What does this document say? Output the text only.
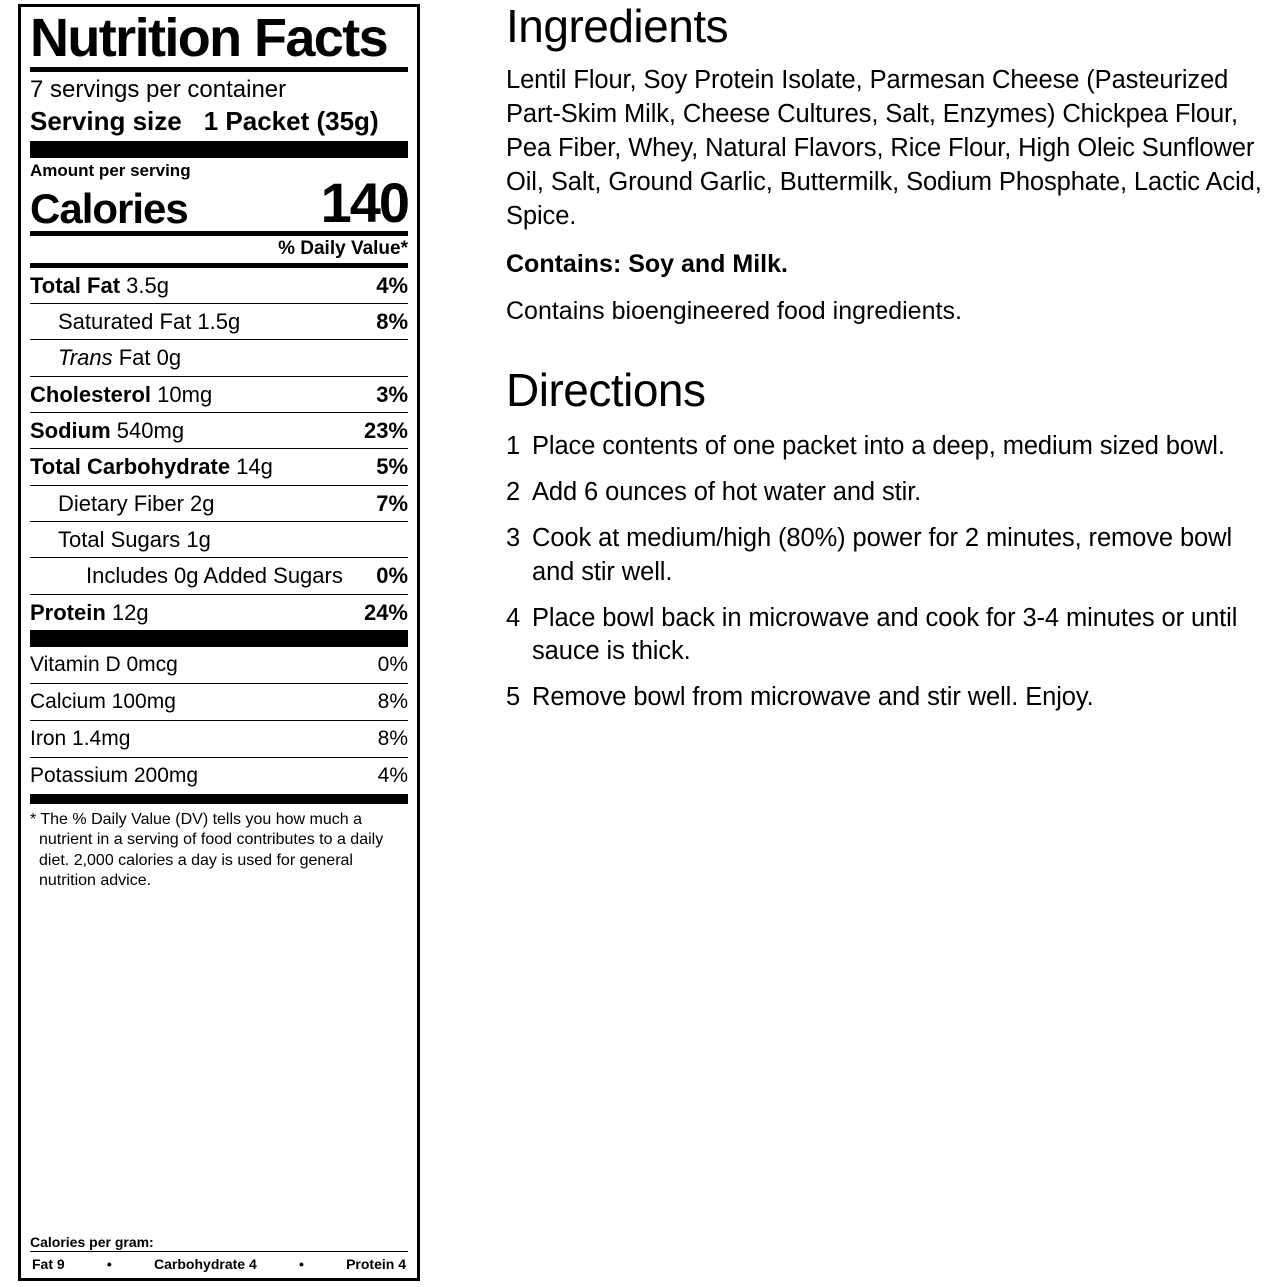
Nutrition Facts
7 servings per container
Serving size 1 Packet (35g)
Amount per serving
Calories 140
% Daily Value*
Total Fat 3.5g	4%
Saturated Fat 1.5g	8%
Trans Fat 0g
Cholesterol 10mg	3%
Sodium 540mg	23%
Total Carbohydrate 14g	5%
Dietary Fiber 2g	7%
Total Sugars 1g
Includes 0g Added Sugars 0%
Protein 12g	24%
Vitamin D 0mcg	0%
Calcium 100mg	8%
Iron 1.4mg	8%
Potassium 200mg	4%

* The % Daily Value (DV) tells you how much a nutrient in a serving of food contributes to a daily diet. 2,000 calories a day is used for general nutrition advice.

Calories per gram:
Fat 9	•	Carbohydrate 4	•	Protein 4
Ingredients

Lentil Flour, Soy Protein Isolate, Parmesan Cheese (Pasteurized Part-Skim Milk, Cheese Cultures, Salt, Enzymes) Chickpea Flour, Pea Fiber, Whey, Natural Flavors, Rice Flour, High Oleic Sunflower Oil, Salt, Ground Garlic, Buttermilk, Sodium Phosphate, Lactic Acid, Spice.

Contains: Soy and Milk.

Contains bioengineered food ingredients.

Directions
1 Place contents of one packet into a deep, medium sized bowl.
2 Add 6 ounces of hot water and stir.
3 Cook at medium/high (80%) power for 2 minutes, remove bowl and stir well.
4 Place bowl back in microwave and cook for 3-4 minutes or until sauce is thick.
5 Remove bowl from microwave and stir well. Enjoy.
